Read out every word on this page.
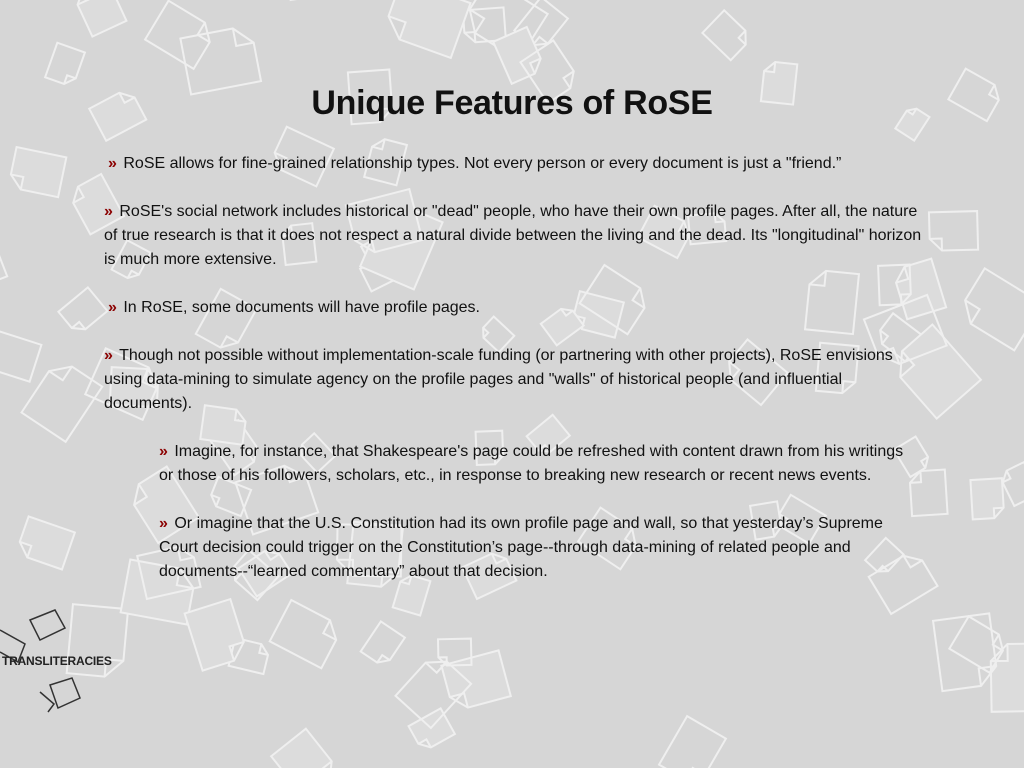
Unique Features of RoSE

» RoSE allows for fine-grained relationship types. Not every person or every document is just a "friend.”

» RoSE's social network includes historical or "dead" people, who have their own profile pages. After all, the nature of true research is that it does not respect a natural divide between the living and the dead. Its "longitudinal" horizon is much more extensive.

» In RoSE, some documents will have profile pages.

» Though not possible without implementation-scale funding (or partnering with other projects), RoSE envisions using data-mining to simulate agency on the profile pages and "walls" of historical people (and influential documents).

» Imagine, for instance, that Shakespeare's page could be refreshed with content drawn from his writings or those of his followers, scholars, etc., in response to breaking new research or recent news events.

» Or imagine that the U.S. Constitution had its own profile page and wall, so that yesterday’s Supreme Court decision could trigger on the Constitution’s page--through data-mining of related people and documents--“learned commentary” about that decision.

TRANSLITERACIES
